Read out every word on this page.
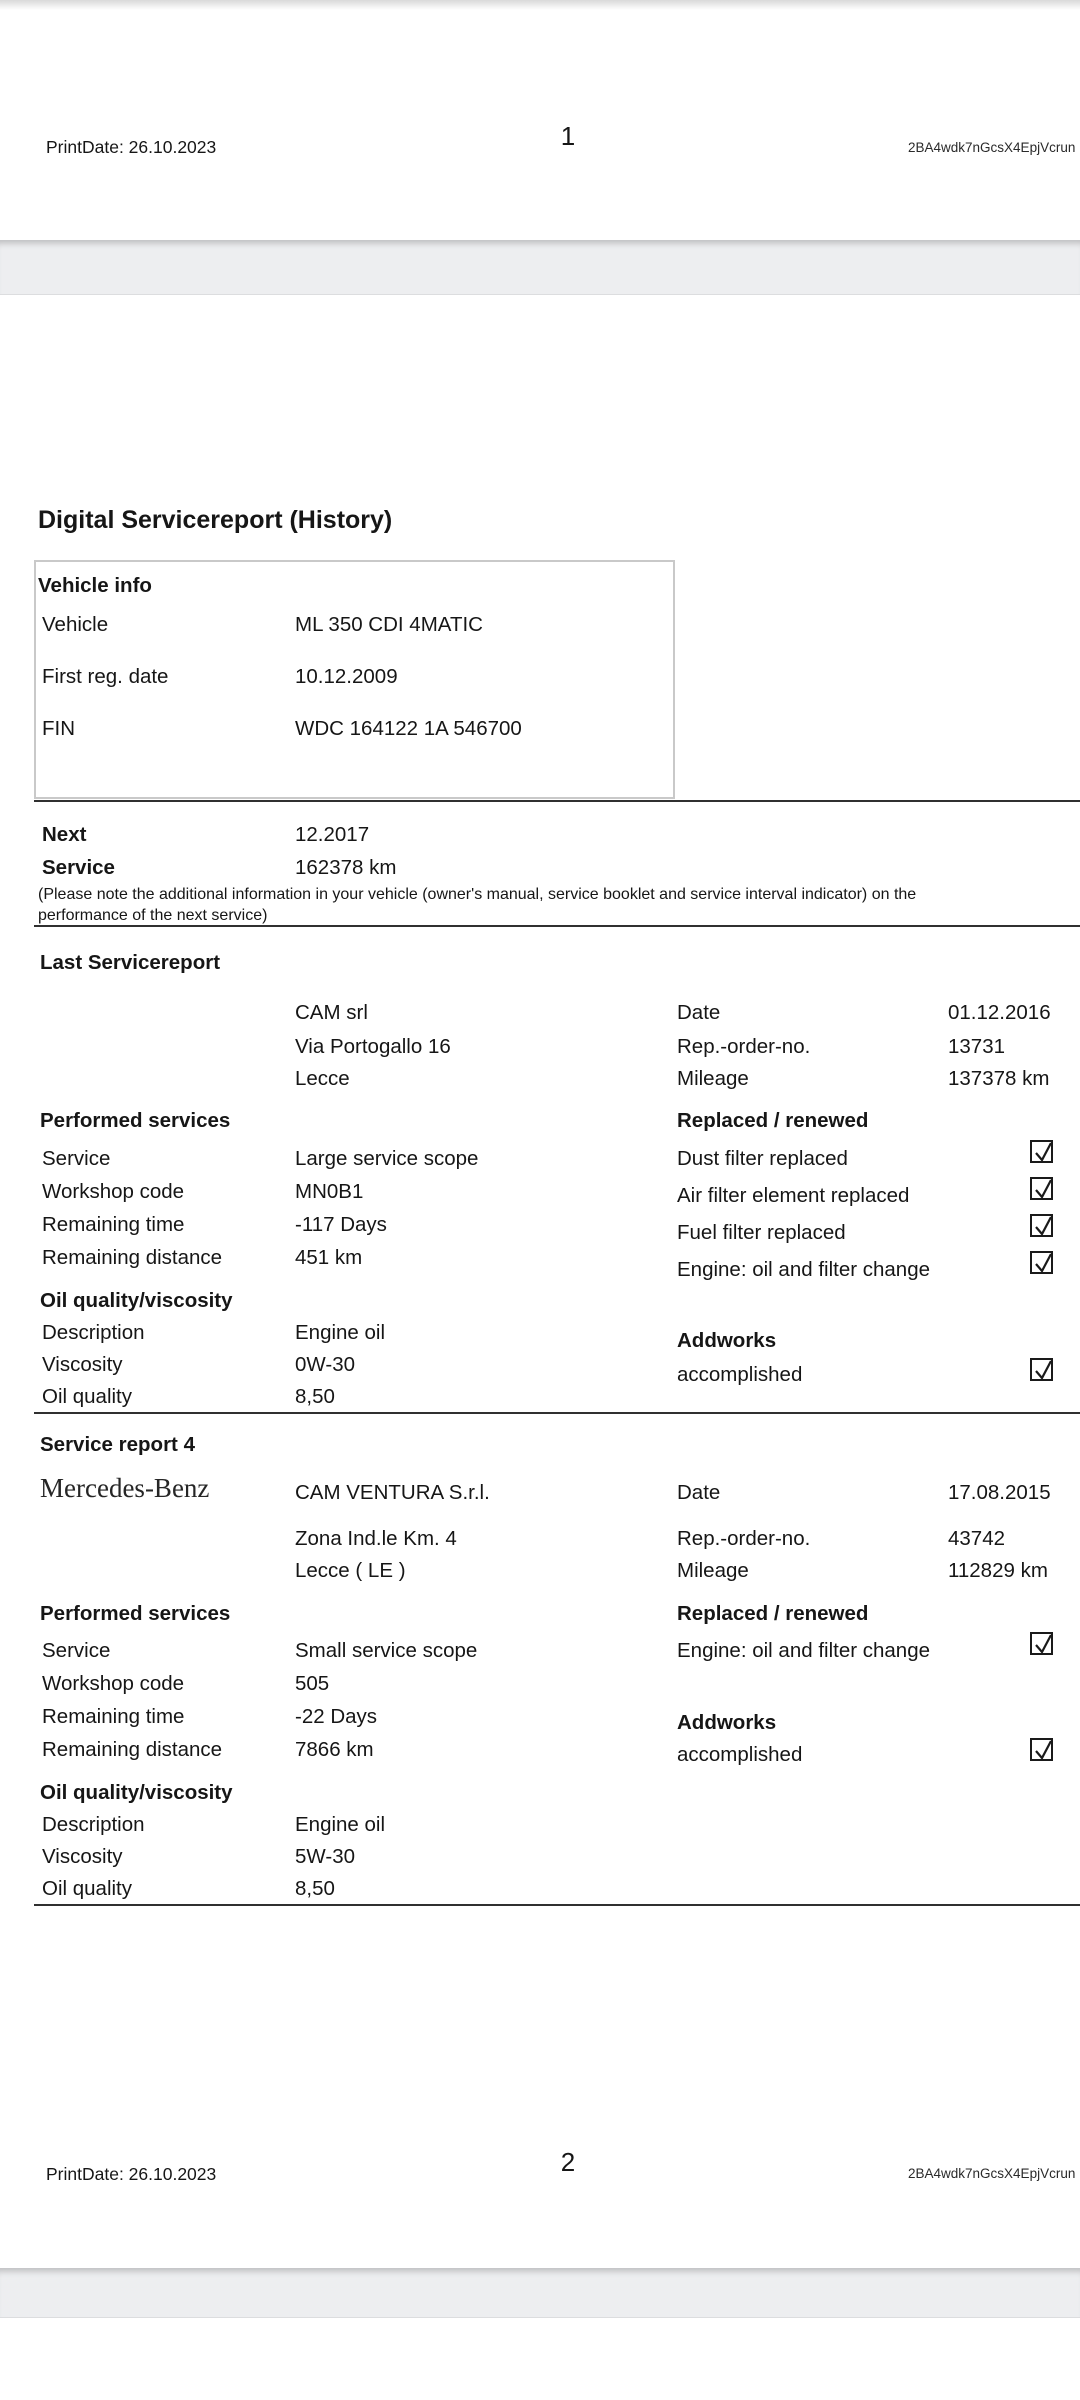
PrintDate: 26.10.2023	1	2BA4wdk7nGcsX4EpjVcrun
Digital Servicereport (History)
Vehicle info
Vehicle	ML 350 CDI 4MATIC
First reg. date	10.12.2009
FIN	WDC 164122 1A 546700
Next	12.2017
Service	162378 km
(Please note the additional information in your vehicle (owner's manual, service booklet and service interval indicator) on the
performance of the next service)
Last Servicereport
CAM srl
Via Portogallo 16
Lecce
Date	01.12.2016
Rep.-order-no.	13731
Mileage	137378 km
Performed services	Replaced / renewed
Service	Large service scope
Workshop code	MN0B1
Remaining time	-117 Days
Remaining distance	451 km
Dust filter replaced
Air filter element replaced
Fuel filter replaced
Engine: oil and filter change
Oil quality/viscosity
Description	Engine oil
Viscosity	0W-30
Oil quality	8,50
Addworks
accomplished
Service report 4
Mercedes-Benz	CAM VENTURA S.r.l.
Zona Ind.le Km. 4
Lecce ( LE )
Date	17.08.2015
Rep.-order-no.	43742
Mileage	112829 km
Performed services	Replaced / renewed
Service	Small service scope
Workshop code	505
Remaining time	-22 Days
Remaining distance	7866 km
Engine: oil and filter change
Addworks
accomplished
Oil quality/viscosity
Description	Engine oil
Viscosity	5W-30
Oil quality	8,50
PrintDate: 26.10.2023	2	2BA4wdk7nGcsX4EpjVcrun
